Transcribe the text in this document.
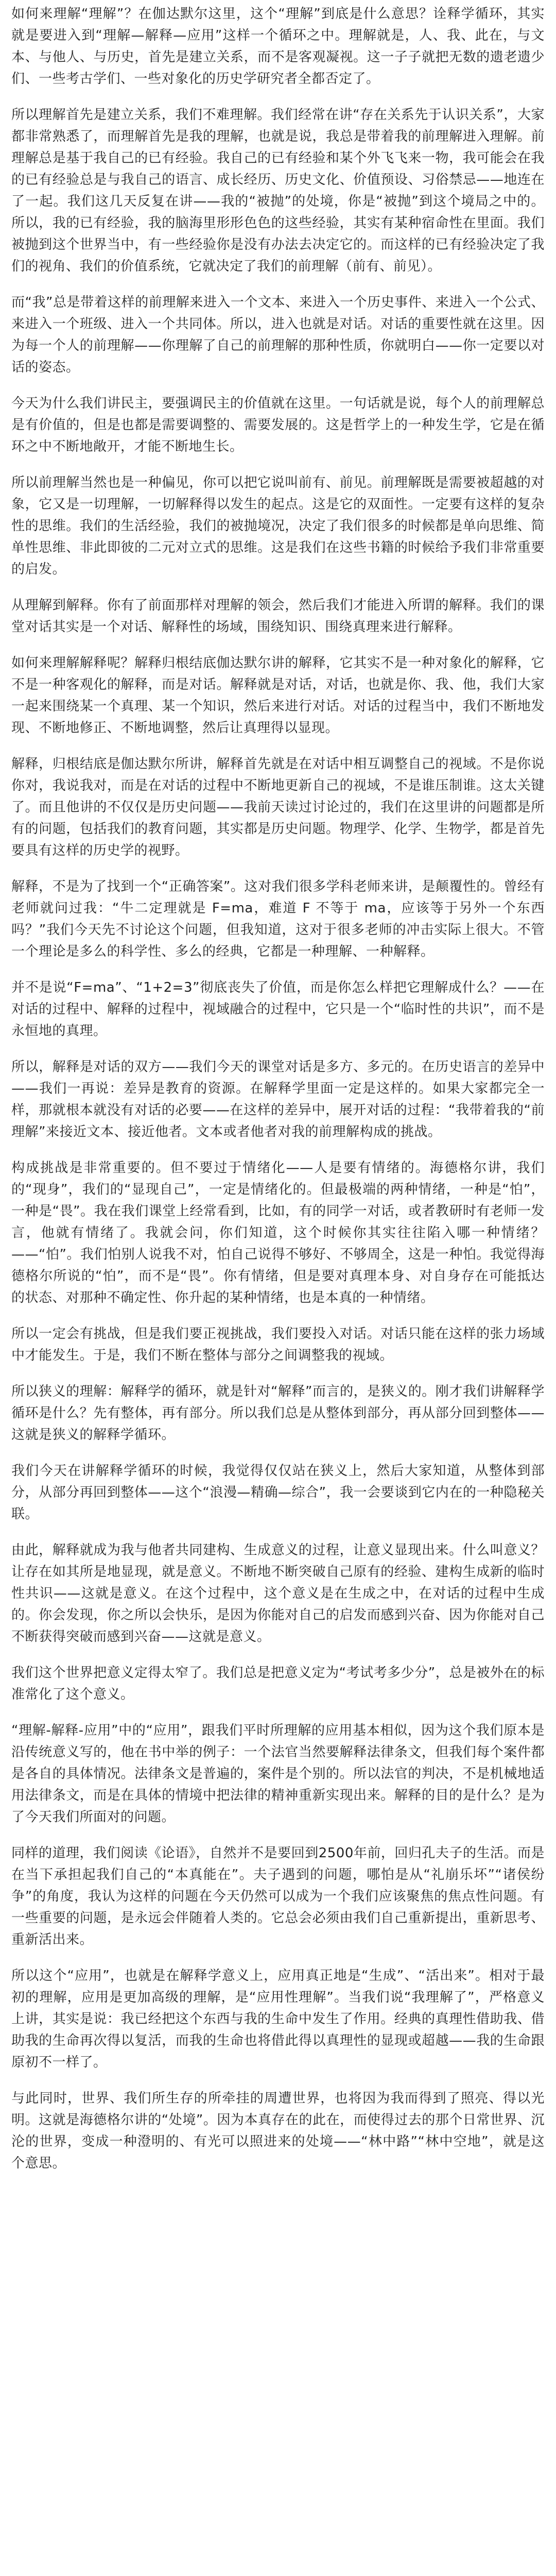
如何来理解“理解”？在伽达默尔这里，这个“理解”到底是什么意思？诠释学循环，其实就是要进入到“理解—解释—应用”这样一个循环之中。理解就是，人、我、此在，与文本、与他人、与历史，首先是建立关系，而不是客观凝视。这一子子就把无数的遗老遗少们、一些考古学们、一些对象化的历史学研究者全都否定了。

所以理解首先是建立关系，我们不难理解。我们经常在讲“存在关系先于认识关系”，大家都非常熟悉了，而理解首先是我的理解，也就是说，我总是带着我的前理解进入理解。前理解总是基于我自己的已有经验。我自己的已有经验和某个外飞飞来一物，我可能会在我的已有经验总是与我自己的语言、成长经历、历史文化、价值预设、习俗禁忌——地连在了一起。我们这几天反复在讲——我的“被抛”的处境，你是“被抛”到这个境局之中的。所以，我的已有经验，我的脑海里形形色色的这些经验，其实有某种宿命性在里面。我们被抛到这个世界当中，有一些经验你是没有办法去决定它的。而这样的已有经验决定了我们的视角、我们的价值系统，它就决定了我们的前理解（前有、前见）。

而“我”总是带着这样的前理解来进入一个文本、来进入一个历史事件、来进入一个公式、来进入一个班级、进入一个共同体。所以，进入也就是对话。对话的重要性就在这里。因为每一个人的前理解——你理解了自己的前理解的那种性质，你就明白——你一定要以对话的姿态。

今天为什么我们讲民主，要强调民主的价值就在这里。一句话就是说，每个人的前理解总是有价值的，但是也都是需要调整的、需要发展的。这是哲学上的一种发生学，它是在循环之中不断地敞开，才能不断地生长。

所以前理解当然也是一种偏见，你可以把它说叫前有、前见。前理解既是需要被超越的对象，它又是一切理解，一切解释得以发生的起点。这是它的双面性。一定要有这样的复杂性的思维。我们的生活经验，我们的被抛境况，决定了我们很多的时候都是单向思维、简单性思维、非此即彼的二元对立式的思维。这是我们在这些书籍的时候给予我们非常重要的启发。

从理解到解释。你有了前面那样对理解的领会，然后我们才能进入所谓的解释。我们的课堂对话其实是一个对话、解释性的场域，围绕知识、围绕真理来进行解释。

如何来理解解释呢？解释归根结底伽达默尔讲的解释，它其实不是一种对象化的解释，它不是一种客观化的解释，而是对话。解释就是对话，对话，也就是你、我、他，我们大家一起来围绕某一个真理、某一个知识，然后来进行对话。对话的过程当中，我们不断地发现、不断地修正、不断地调整，然后让真理得以显现。

解释，归根结底是伽达默尔所讲，解释首先就是在对话中相互调整自己的视域。不是你说你对，我说我对，而是在对话的过程中不断地更新自己的视域，不是谁压制谁。这太关键了。而且他讲的不仅仅是历史问题——我前天读过讨论过的，我们在这里讲的问题都是所有的问题，包括我们的教育问题，其实都是历史问题。物理学、化学、生物学，都是首先要具有这样的历史学的视野。

解释，不是为了找到一个“正确答案”。这对我们很多学科老师来讲，是颠覆性的。曾经有老师就问过我：“牛二定理就是 F=ma，难道 F 不等于 ma，应该等于另外一个东西吗？”我们今天先不讨论这个问题，但我知道，这对于很多老师的冲击实际上很大。不管一个理论是多么的科学性、多么的经典，它都是一种理解、一种解释。

并不是说“F=ma”、“1+2=3”彻底丧失了价值，而是你怎么样把它理解成什么？——在对话的过程中、解释的过程中，视域融合的过程中，它只是一个“临时性的共识”，而不是永恒地的真理。

所以，解释是对话的双方——我们今天的课堂对话是多方、多元的。在历史语言的差异中——我们一再说：差异是教育的资源。在解释学里面一定是这样的。如果大家都完全一样，那就根本就没有对话的必要——在这样的差异中，展开对话的过程：“我带着我的“前理解”来接近文本、接近他者。文本或者他者对我的前理解构成的挑战。

构成挑战是非常重要的。但不要过于情绪化——人是要有情绪的。海德格尔讲，我们的“现身”，我们的“显现自己”，一定是情绪化的。但最极端的两种情绪，一种是“怕”，一种是“畏”。我在我们课堂上经常看到，比如，有的同学一对话，或者教研时有老师一发言，他就有情绪了。我就会问，你们知道，这个时候你其实往往陷入哪一种情绪？——“怕”。我们怕别人说我不对，怕自己说得不够好、不够周全，这是一种怕。我觉得海德格尔所说的“怕”，而不是“畏”。你有情绪，但是要对真理本身、对自身存在可能抵达的状态、对那种不确定性、你升起的某种情绪，也是本真的一种情绪。

所以一定会有挑战，但是我们要正视挑战，我们要投入对话。对话只能在这样的张力场域中才能发生。于是，我们不断在整体与部分之间调整我的视域。

所以狭义的理解：解释学的循环，就是针对“解释”而言的，是狭义的。刚才我们讲解释学循环是什么？先有整体，再有部分。所以我们总是从整体到部分，再从部分回到整体——这就是狭义的解释学循环。

我们今天在讲解释学循环的时候，我觉得仅仅站在狭义上，然后大家知道，从整体到部分，从部分再回到整体——这个“浪漫—精确—综合”，我一会要谈到它内在的一种隐秘关联。

由此，解释就成为我与他者共同建构、生成意义的过程，让意义显现出来。什么叫意义？让存在如其所是地显现，就是意义。不断地不断突破自己原有的经验、建构生成新的临时性共识——这就是意义。在这个过程中，这个意义是在生成之中，在对话的过程中生成的。你会发现，你之所以会快乐，是因为你能对自己的启发而感到兴奋、因为你能对自己不断获得突破而感到兴奋——这就是意义。

我们这个世界把意义定得太窄了。我们总是把意义定为“考试考多少分”，总是被外在的标准常化了这个意义。

“理解-解释-应用”中的“应用”，跟我们平时所理解的应用基本相似，因为这个我们原本是沿传统意义写的，他在书中举的例子：一个法官当然要解释法律条文，但我们每个案件都是各自的具体情况。法律条文是普遍的，案件是个别的。所以法官的判决，不是机械地适用法律条文，而是在具体的情境中把法律的精神重新实现出来。解释的目的是什么？是为了今天我们所面对的问题。

同样的道理，我们阅读《论语》，自然并不是要回到2500年前，回归孔夫子的生活。而是在当下承担起我们自己的“本真能在”。夫子遇到的问题，哪怕是从“礼崩乐坏”“诸侯纷争”的角度，我认为这样的问题在今天仍然可以成为一个我们应该聚焦的焦点性问题。有一些重要的问题，是永远会伴随着人类的。它总会必须由我们自己重新提出，重新思考、重新活出来。

所以这个“应用”，也就是在解释学意义上，应用真正地是“生成”、“活出来”。相对于最初的理解，应用是更加高级的理解，是“应用性理解”。当我们说“我理解了”，严格意义上讲，其实是说：我已经把这个东西与我的生命中发生了作用。经典的真理性借助我、借助我的生命再次得以复活，而我的生命也将借此得以真理性的显现或超越——我的生命跟原初不一样了。

与此同时，世界、我们所生存的所牵挂的周遭世界，也将因为我而得到了照亮、得以光明。这就是海德格尔讲的“处境”。因为本真存在的此在，而使得过去的那个日常世界、沉沦的世界，变成一种澄明的、有光可以照进来的处境——“林中路”“林中空地”，就是这个意思。
